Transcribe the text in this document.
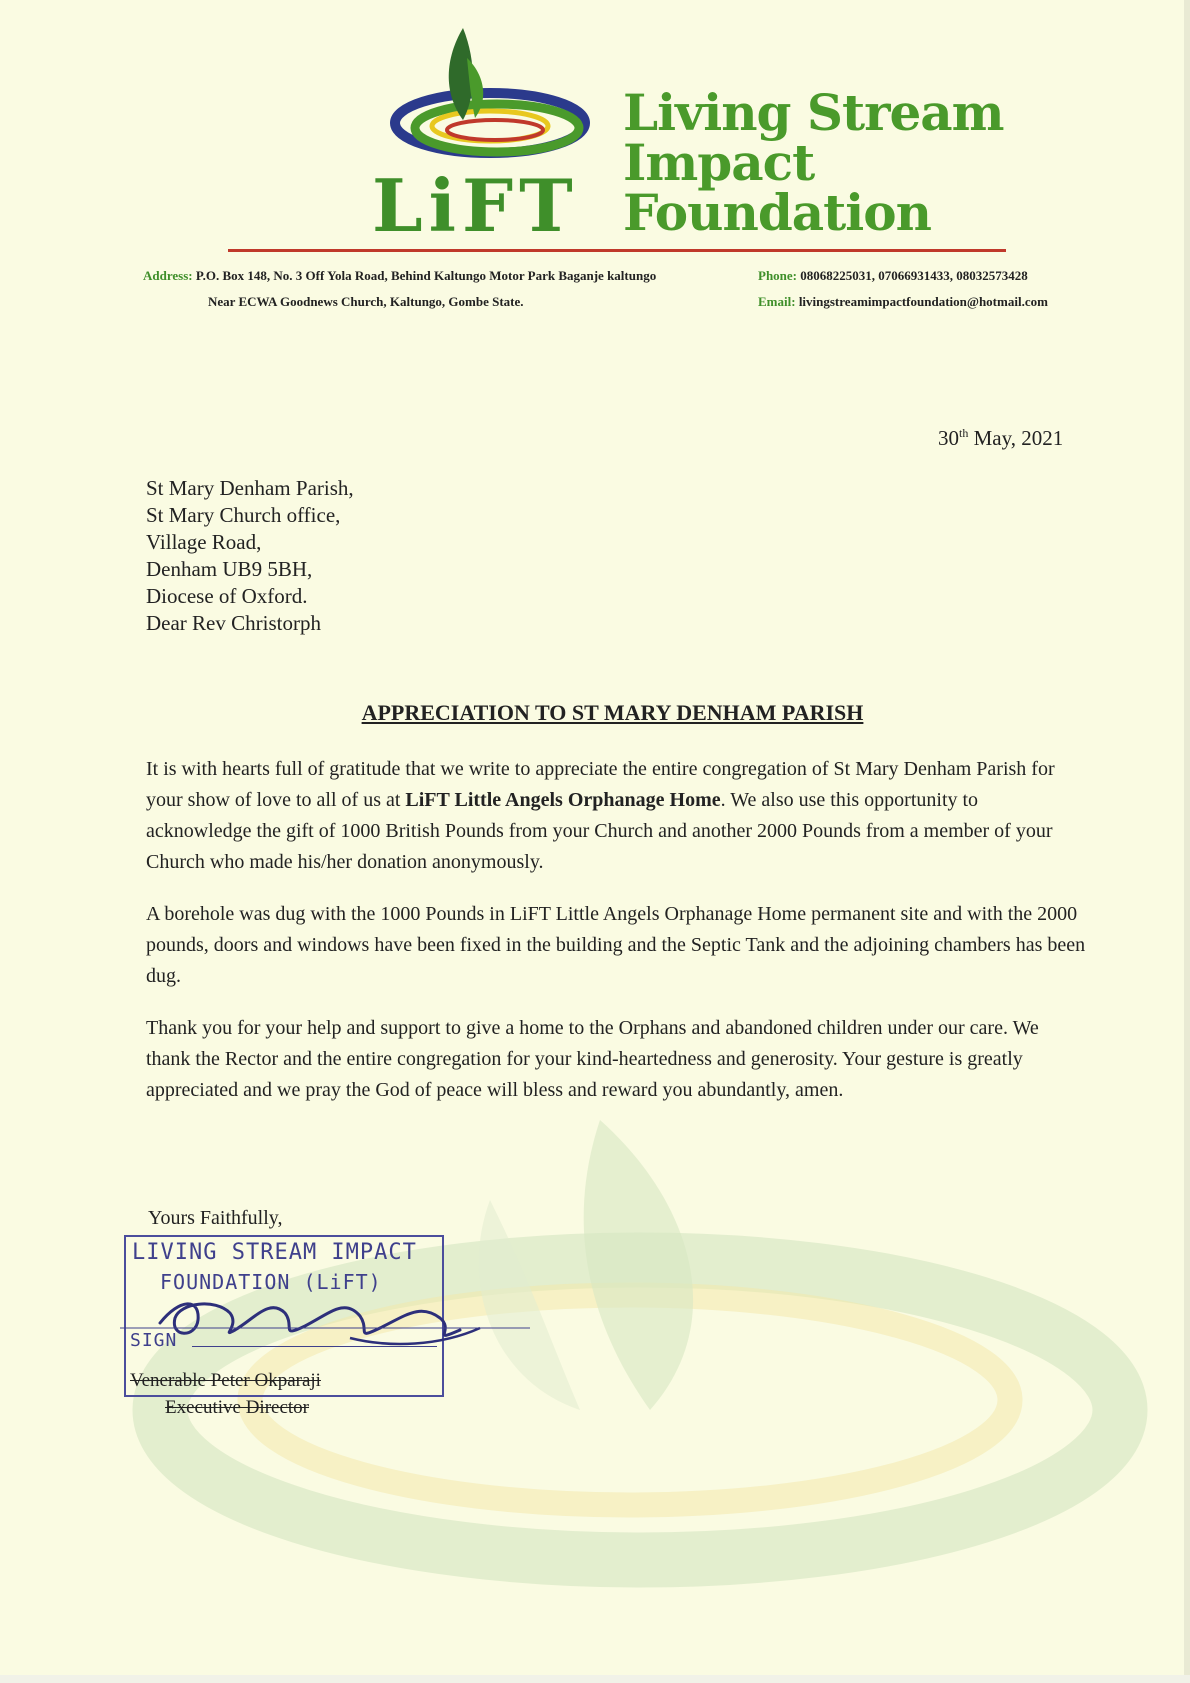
LiFT
Living Stream
Impact
Foundation
Address: P.O. Box 148, No. 3 Off Yola Road, Behind Kaltungo Motor Park Baganje kaltungo
Near ECWA Goodnews Church, Kaltungo, Gombe State.
Phone: 08068225031, 07066931433, 08032573428
Email: livingstreamimpactfoundation@hotmail.com
30th May, 2021
St Mary Denham Parish,
St Mary Church office,
Village Road,
Denham UB9 5BH,
Diocese of Oxford.
Dear Rev Christorph
APPRECIATION TO ST MARY DENHAM PARISH
It is with hearts full of gratitude that we write to appreciate the entire congregation of St Mary Denham Parish for your show of love to all of us at LiFT Little Angels Orphanage Home. We also use this opportunity to acknowledge the gift of 1000 British Pounds from your Church and another 2000 Pounds from a member of your Church who made his/her donation anonymously.
A borehole was dug with the 1000 Pounds in LiFT Little Angels Orphanage Home permanent site and with the 2000 pounds, doors and windows have been fixed in the building and the Septic Tank and the adjoining chambers has been dug.
Thank you for your help and support to give a home to the Orphans and abandoned children under our care. We thank the Rector and the entire congregation for your kind-heartedness and generosity. Your gesture is greatly appreciated and we pray the God of peace will bless and reward you abundantly, amen.
Yours Faithfully,
LIVING STREAM IMPACT
FOUNDATION (LiFT)
SIGN
Venerable Peter Okparaji
Executive Director
